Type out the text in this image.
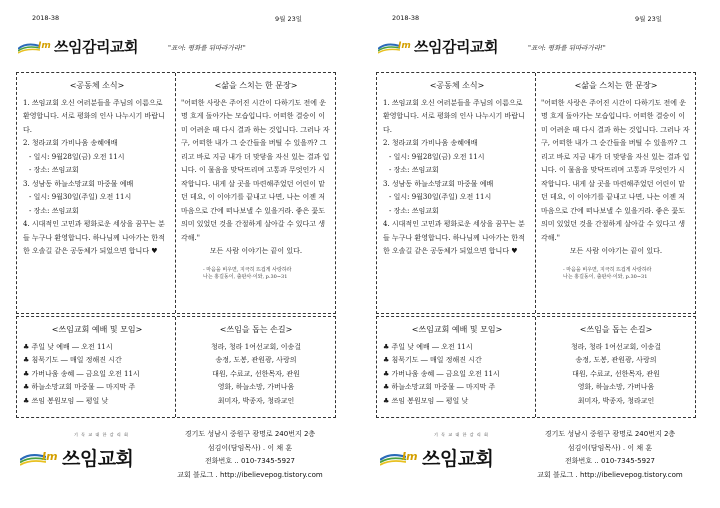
2018-38	9월 23일
Im 쓰임감리교회	"표어: 평화를 뒤따라가라!"
<공동체 소식>

1. 쓰임교회 오신 여러분들을 주님의 이름으로 환영합니다. 서로 평화의 인사 나누시기 바랍니다.

2. 청라교회 가비나움 송혜애배

- 일시: 9월28일(금) 오전 11시

- 장소: 쓰임교회

3. 성남동 하늘소망교회 마중물 예배

- 일시: 9월30일(주일) 오전 11시

- 장소: 쓰임교회

4. 시대적인 고민과 평화로운 세상을 꿈꾸는 분들 누구나 환영합니다. 하나님께 나아가는 한적한 오솔길 같은 공동체가 되었으면 합니다 ♥

<삶을 스치는 한 문장>

"어떠한 사랑은 주어진 시간이 다하기도 전에 운명 흐게 돌아가는 모습입니다. 어떠한 결승이 이미 어려운 때 다시 결과 하는 것입니다. 그러나 자구, 어떠한 내가 그 순간들을 버틸 수 있을까? 그리고 바로 지금 내가 더 맞닿을 자신 있는 결과 입니다. 이 물음을 맞닥뜨리며 고통과 무엇인가 시작합니다. 내게 살 곳을 마련해주었던 어린이 맡던 데요, 이 이야기를 끝내고 나면, 나는 이젠 저 마음으로 간에 떠나보낼 수 있을거라. 좋은 꽃도 의미 있었던 것을 간절하게 살아갈 수 있다고 생각해."

모든 사람 이야기는 끝이 있다.

- 마음을 비우면, 지극히 뜨겁게 사랑하라
나는 홍길동이, 출판사·이와, p.30~31
<쓰임교회 예배 및 모임>

♣ 주일 낮 예배 ― 오전 11시

♣ 침묵기도 ― 매일 정해진 시간

♣ 가버나움 송혜 ― 금요일 오전 11시

♣ 하늘소망교회 마중물 ― 마지막 주

♣ 쓰임 봉원모임 ― 평일 낮

<쓰임을 돕는 손길>

청라, 청라 1여선교회, 이송걸

송정, 도봉, 관원광, 사랑의

대원, 수료교, 선한목자, 관원

영화, 하늘소망, 가버나움

최미자, 박종자, 청라교인

기 독 교 대 한 감 리 회
Im 쓰임교회
경기도 성남시 중원구 광명로 240번지 2층
섬김이(담임목사) . 이 채 훈
전화번호 .. 010-7345-5927
교회 블로그 . http://ibelievepog.tistory.com
2018-38	9월 23일
Im 쓰임감리교회	"표어: 평화를 뒤따라가라!"
<공동체 소식>

1. 쓰임교회 오신 여러분들을 주님의 이름으로 환영합니다. 서로 평화의 인사 나누시기 바랍니다.

2. 청라교회 가비나움 송혜애배

- 일시: 9월28일(금) 오전 11시

- 장소: 쓰임교회

3. 성남동 하늘소망교회 마중물 예배

- 일시: 9월30일(주일) 오전 11시

- 장소: 쓰임교회

4. 시대적인 고민과 평화로운 세상을 꿈꾸는 분들 누구나 환영합니다. 하나님께 나아가는 한적한 오솔길 같은 공동체가 되었으면 합니다 ♥

<삶을 스치는 한 문장>

"어떠한 사랑은 주어진 시간이 다하기도 전에 운명 흐게 돌아가는 모습입니다. 어떠한 결승이 이미 어려운 때 다시 결과 하는 것입니다. 그러나 자구, 어떠한 내가 그 순간들을 버틸 수 있을까? 그리고 바로 지금 내가 더 맞닿을 자신 있는 결과 입니다. 이 물음을 맞닥뜨리며 고통과 무엇인가 시작합니다. 내게 살 곳을 마련해주었던 어린이 맡던 데요, 이 이야기를 끝내고 나면, 나는 이젠 저 마음으로 간에 떠나보낼 수 있을거라. 좋은 꽃도 의미 있었던 것을 간절하게 살아갈 수 있다고 생각해."

모든 사람 이야기는 끝이 있다.

- 마음을 비우면, 지극히 뜨겁게 사랑하라
나는 홍길동이, 출판사·이와, p.30~31
<쓰임교회 예배 및 모임>

♣ 주일 낮 예배 ― 오전 11시

♣ 침묵기도 ― 매일 정해진 시간

♣ 가버나움 송혜 ― 금요일 오전 11시

♣ 하늘소망교회 마중물 ― 마지막 주

♣ 쓰임 봉원모임 ― 평일 낮

<쓰임을 돕는 손길>

청라, 청라 1여선교회, 이송걸

송정, 도봉, 관원광, 사랑의

대원, 수료교, 선한목자, 관원

영화, 하늘소망, 가버나움

최미자, 박종자, 청라교인

기 독 교 대 한 감 리 회
Im 쓰임교회
경기도 성남시 중원구 광명로 240번지 2층
섬김이(담임목사) . 이 채 훈
전화번호 .. 010-7345-5927
교회 블로그 . http://ibelievepog.tistory.com
